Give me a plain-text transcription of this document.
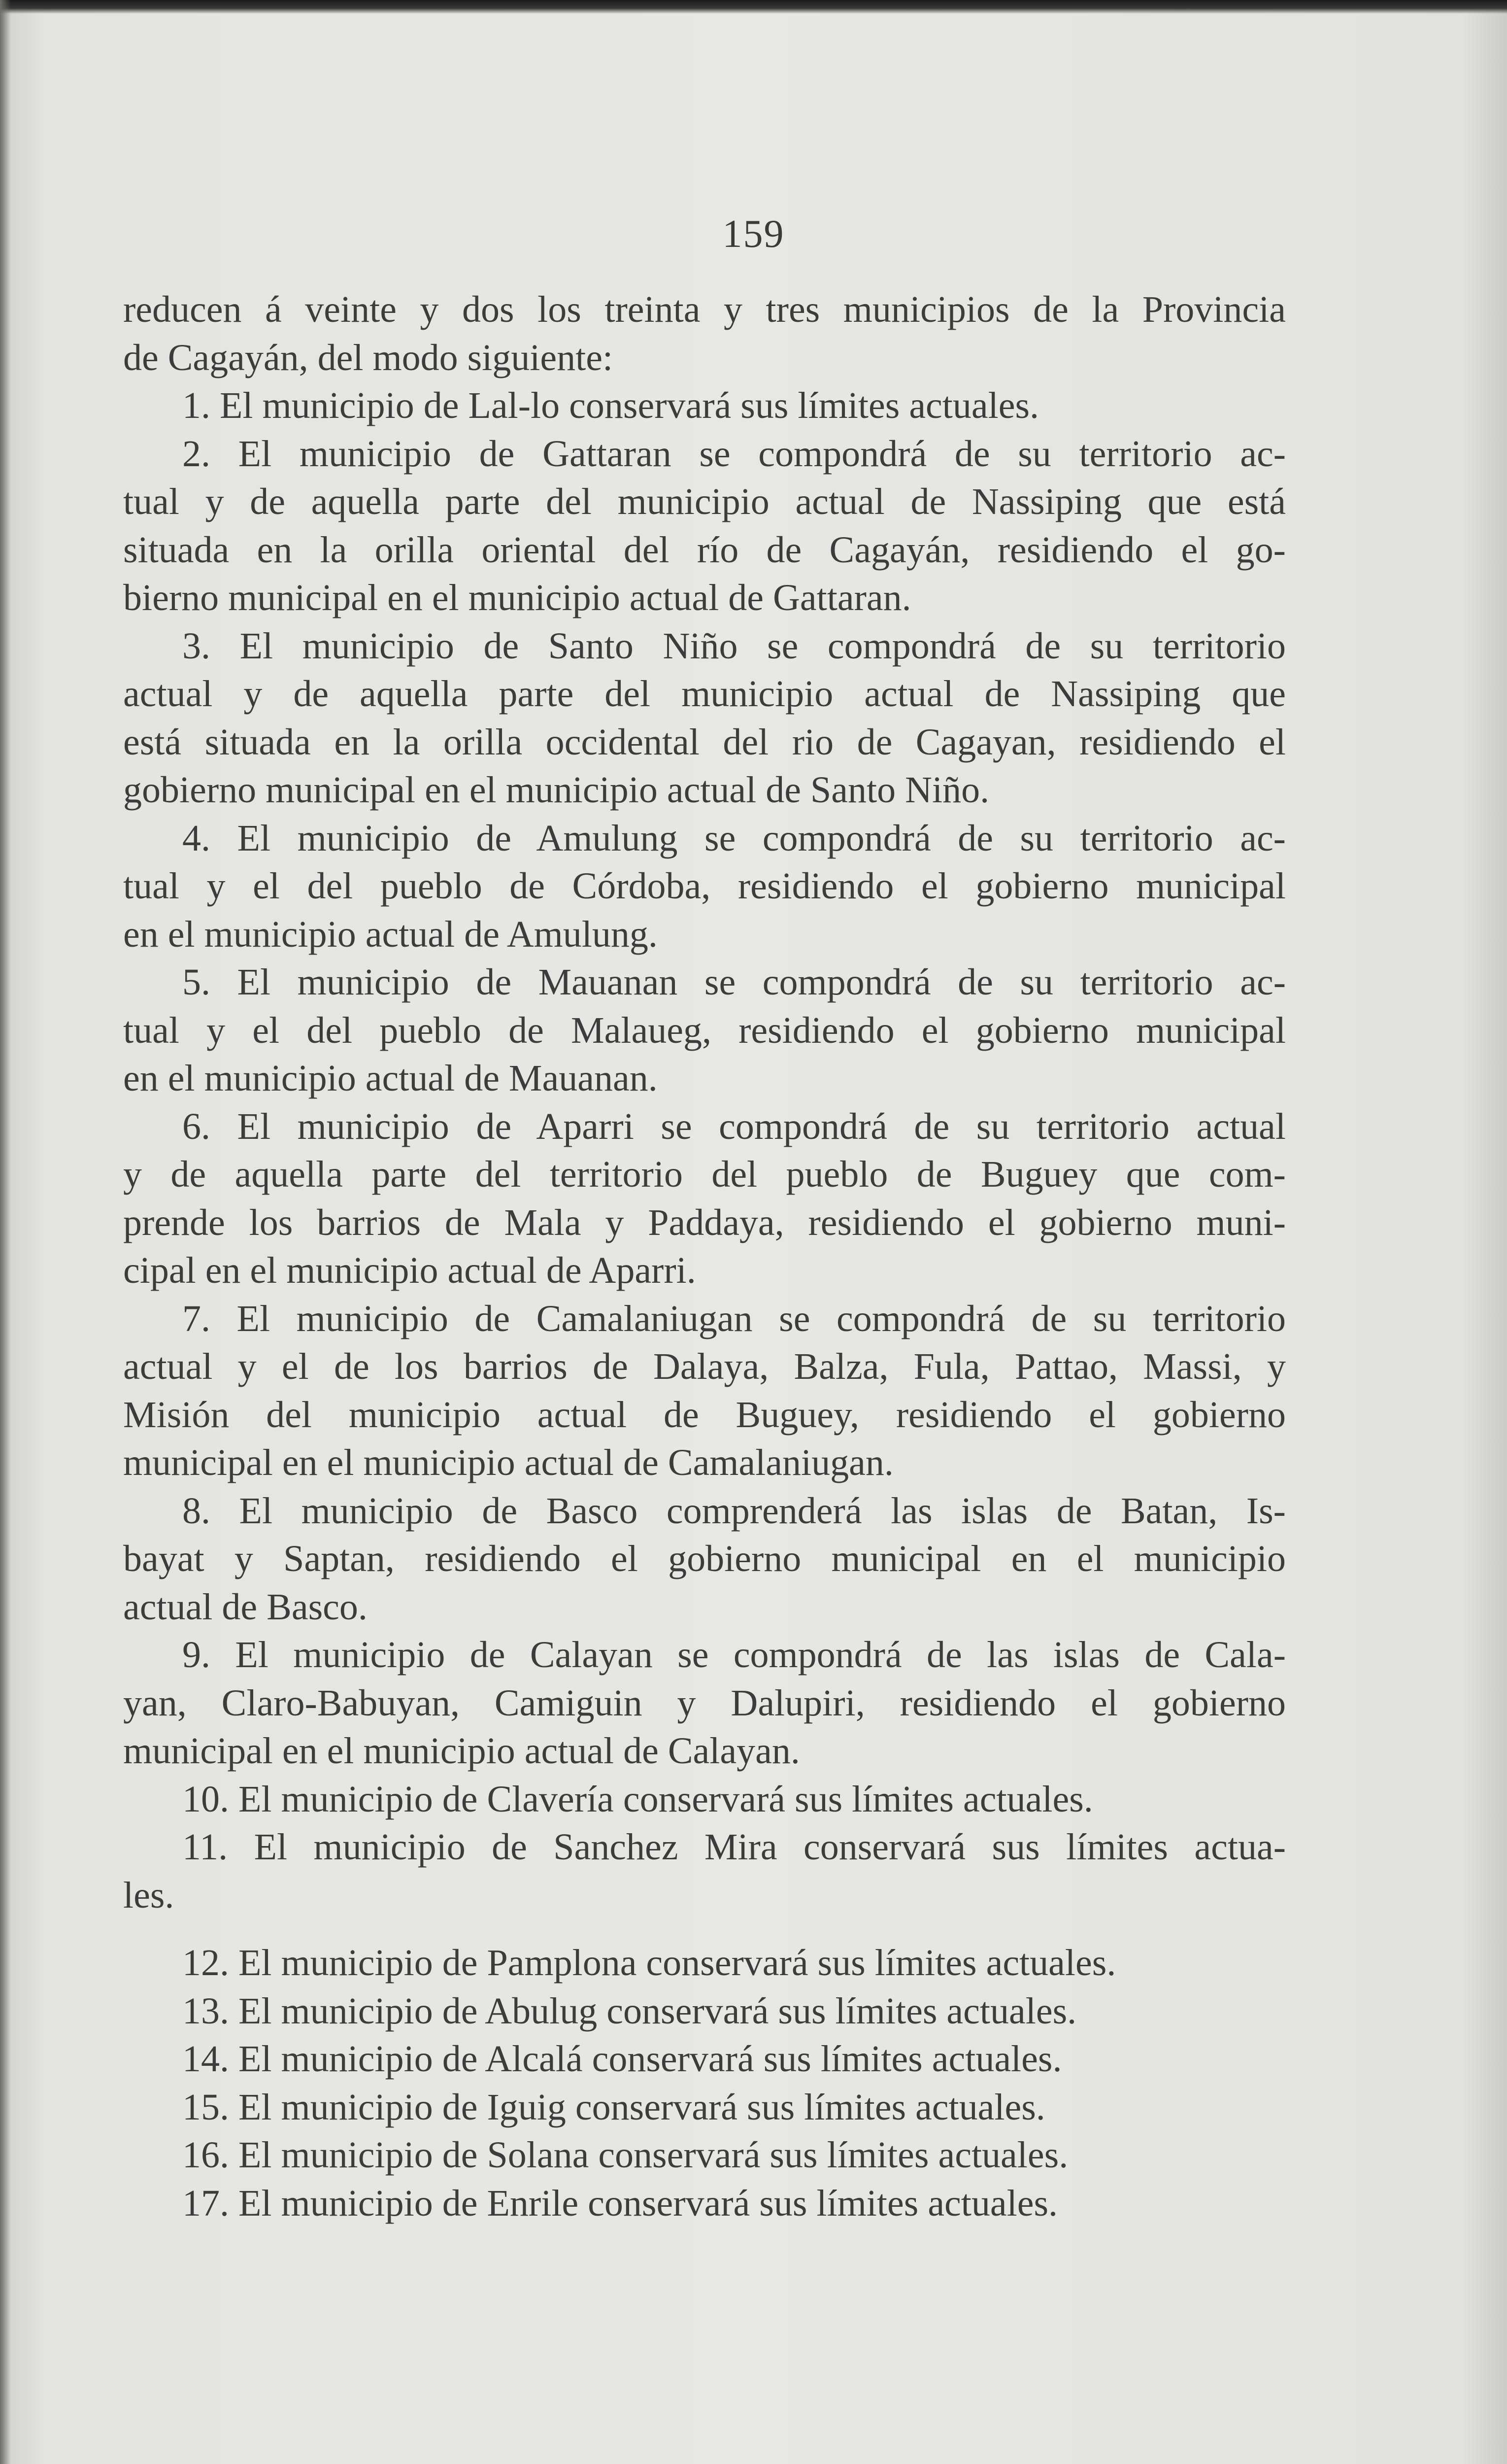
159
reducen á veinte y dos los treinta y tres municipios de la Provincia
de Cagayán, del modo siguiente:
1. El municipio de Lal-lo conservará sus límites actuales.
2. El municipio de Gattaran se compondrá de su territorio ac-
tual y de aquella parte del municipio actual de Nassiping que está
situada en la orilla oriental del río de Cagayán, residiendo el go-
bierno municipal en el municipio actual de Gattaran.
3. El municipio de Santo Niño se compondrá de su territorio
actual y de aquella parte del municipio actual de Nassiping que
está situada en la orilla occidental del rio de Cagayan, residiendo el
gobierno municipal en el municipio actual de Santo Niño.
4. El municipio de Amulung se compondrá de su territorio ac-
tual y el del pueblo de Córdoba, residiendo el gobierno municipal
en el municipio actual de Amulung.
5. El municipio de Mauanan se compondrá de su territorio ac-
tual y el del pueblo de Malaueg, residiendo el gobierno municipal
en el municipio actual de Mauanan.
6. El municipio de Aparri se compondrá de su territorio actual
y de aquella parte del territorio del pueblo de Buguey que com-
prende los barrios de Mala y Paddaya, residiendo el gobierno muni-
cipal en el municipio actual de Aparri.
7. El municipio de Camalaniugan se compondrá de su territorio
actual y el de los barrios de Dalaya, Balza, Fula, Pattao, Massi, y
Misión del municipio actual de Buguey, residiendo el gobierno
municipal en el municipio actual de Camalaniugan.
8. El municipio de Basco comprenderá las islas de Batan, Is-
bayat y Saptan, residiendo el gobierno municipal en el municipio
actual de Basco.
9. El municipio de Calayan se compondrá de las islas de Cala-
yan, Claro-Babuyan, Camiguin y Dalupiri, residiendo el gobierno
municipal en el municipio actual de Calayan.
10. El municipio de Clavería conservará sus límites actuales.
11. El municipio de Sanchez Mira conservará sus límites actua-
les.
12. El municipio de Pamplona conservará sus límites actuales.
13. El municipio de Abulug conservará sus límites actuales.
14. El municipio de Alcalá conservará sus límites actuales.
15. El municipio de Iguig conservará sus límites actuales.
16. El municipio de Solana conservará sus límites actuales.
17. El municipio de Enrile conservará sus límites actuales.
